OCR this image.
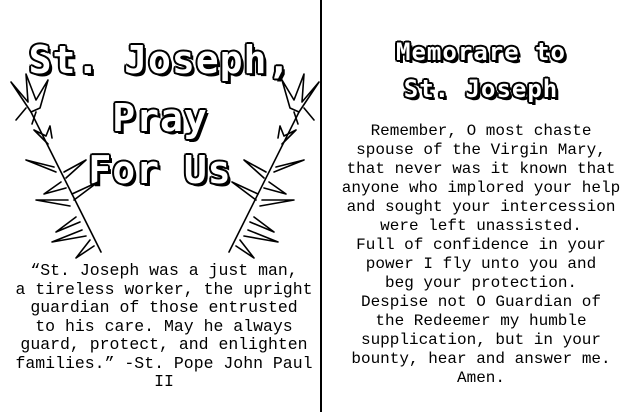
St. Joseph,
Pray
For Us
“St. Joseph was a just man,
a tireless worker, the upright
guardian of those entrusted
to his care. May he always
guard, protect, and enlighten
families.” -St. Pope John Paul II
Memorare to
St. Joseph
Remember, O most chaste
spouse of the Virgin Mary,
that never was it known that
anyone who implored your help
and sought your intercession
were left unassisted.
Full of confidence in your
power I fly unto you and
beg your protection.
Despise not O Guardian of
the Redeemer my humble
supplication, but in your
bounty, hear and answer me.
Amen.
